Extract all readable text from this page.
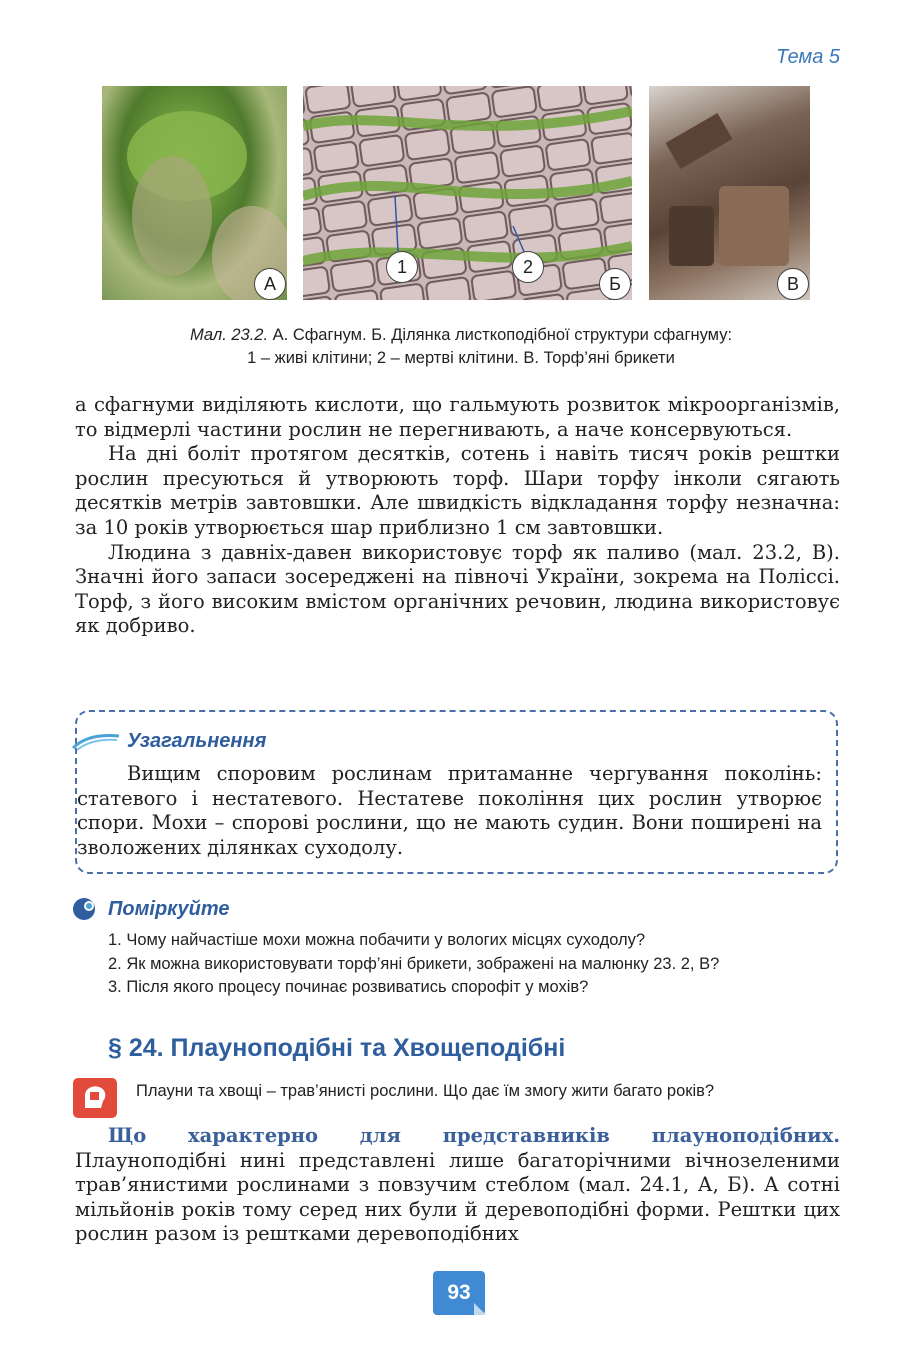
Тема 5
А
1	2
Б	В
Мал. 23.2. А. Сфагнум. Б. Ділянка листкоподібної структури сфагнуму:
1 – живі клітини; 2 – мертві клітини. В. Торф’яні брикети

а сфагнуми виділяють кислоти, що гальмують розвиток мікроорганізмів, то відмерлі частини рослин не перегнивають, а наче консервуються.

На дні боліт протягом десятків, сотень і навіть тисяч років рештки рослин пресуються й утворюють торф. Шари торфу інколи сягають десятків метрів завтовшки. Але швидкість відкладання торфу незначна: за 10 років утворюється шар приблизно 1 см завтовшки.

Людина з давніх-давен використовує торф як паливо (мал. 23.2, В). Значні його запаси зосереджені на півночі України, зокрема на Поліссі. Торф, з його високим вмістом органічних речовин, людина використовує як добриво.

Узагальнення

Вищим споровим рослинам притаманне чергування поколінь: статевого і нестатевого. Нестатеве покоління цих рослин утворює спори. Мохи – спорові рослини, що не мають судин. Вони поширені на зволожених ділянках суходолу.

Поміркуйте
1. Чому найчастіше мохи можна побачити у вологих місцях суходолу?
2. Як можна використовувати торф’яні брикети, зображені на малюнку 23. 2, В?
3. Після якого процесу починає розвиватись спорофіт у мохів?
§ 24. Плауноподібні та Хвощеподібні
Плауни та хвощі – трав’янисті рослини. Що дає їм змогу жити багато років?

Що характерно для представників плауноподібних. Плауноподібні нині представлені лише багаторічними вічнозеленими трав’янистими рослинами з повзучим стеблом (мал. 24.1, А, Б). А сотні мільйонів років тому серед них були й деревоподібні форми. Рештки цих рослин разом із рештками деревоподібних

93
